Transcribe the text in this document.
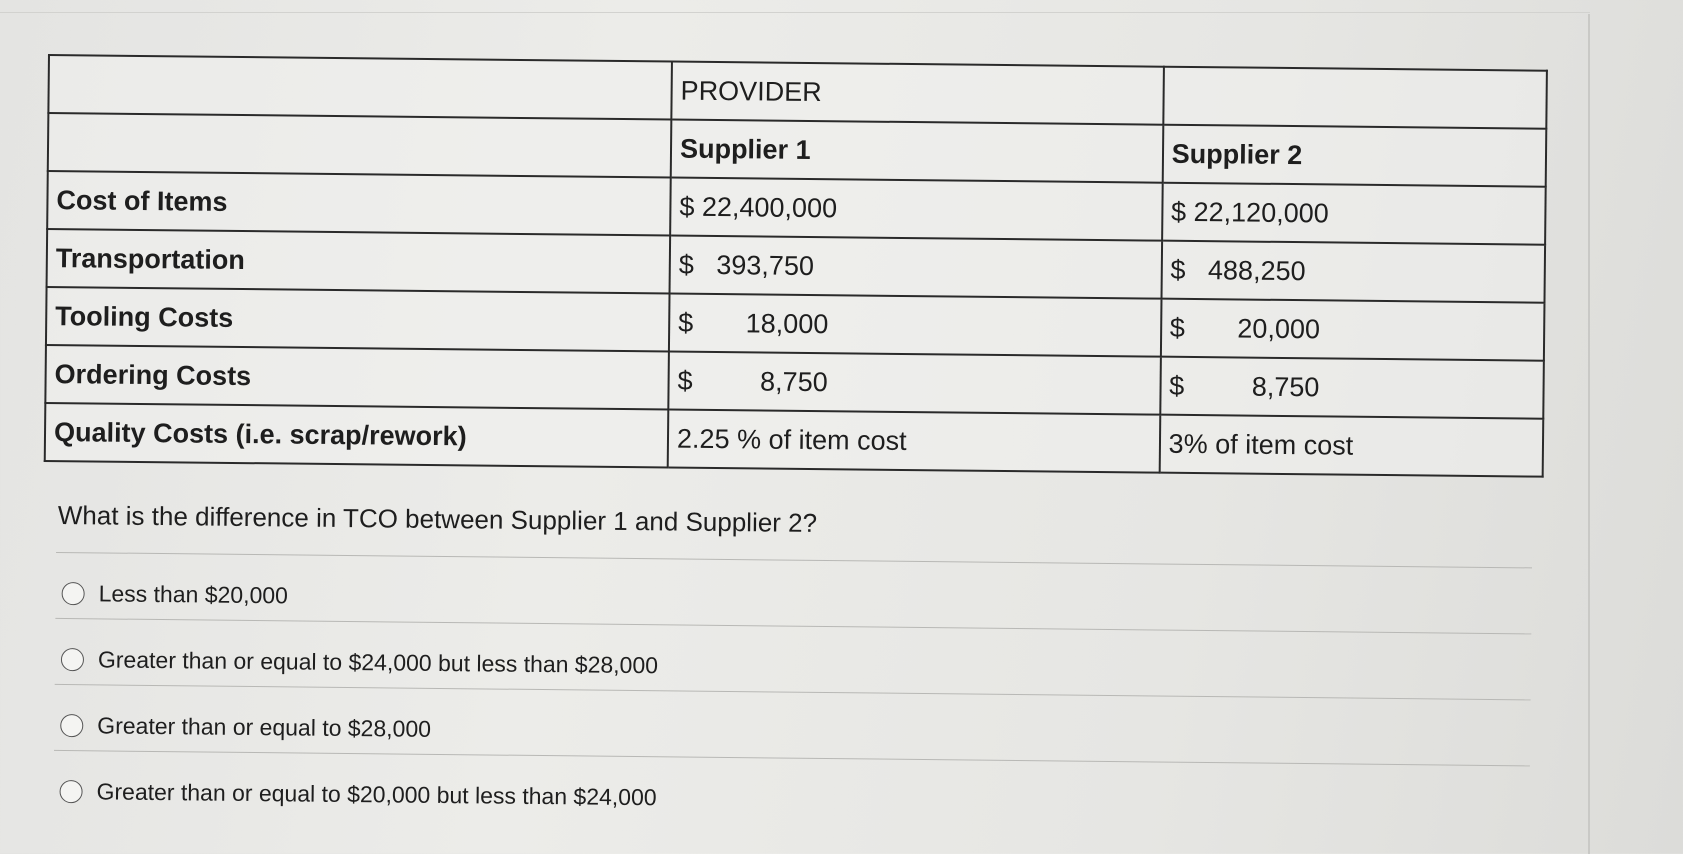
	PROVIDER	
	Supplier 1	Supplier 2
Cost of Items	$ 22,400,000	$ 22,120,000
Transportation	$   393,750	$   488,250
Tooling Costs	$       18,000	$       20,000
Ordering Costs	$         8,750	$         8,750
Quality Costs (i.e. scrap/rework)	2.25 % of item cost	3% of item cost
What is the difference in TCO between Supplier 1 and Supplier 2?
Less than $20,000
Greater than or equal to $24,000 but less than $28,000
Greater than or equal to $28,000
Greater than or equal to $20,000 but less than $24,000
